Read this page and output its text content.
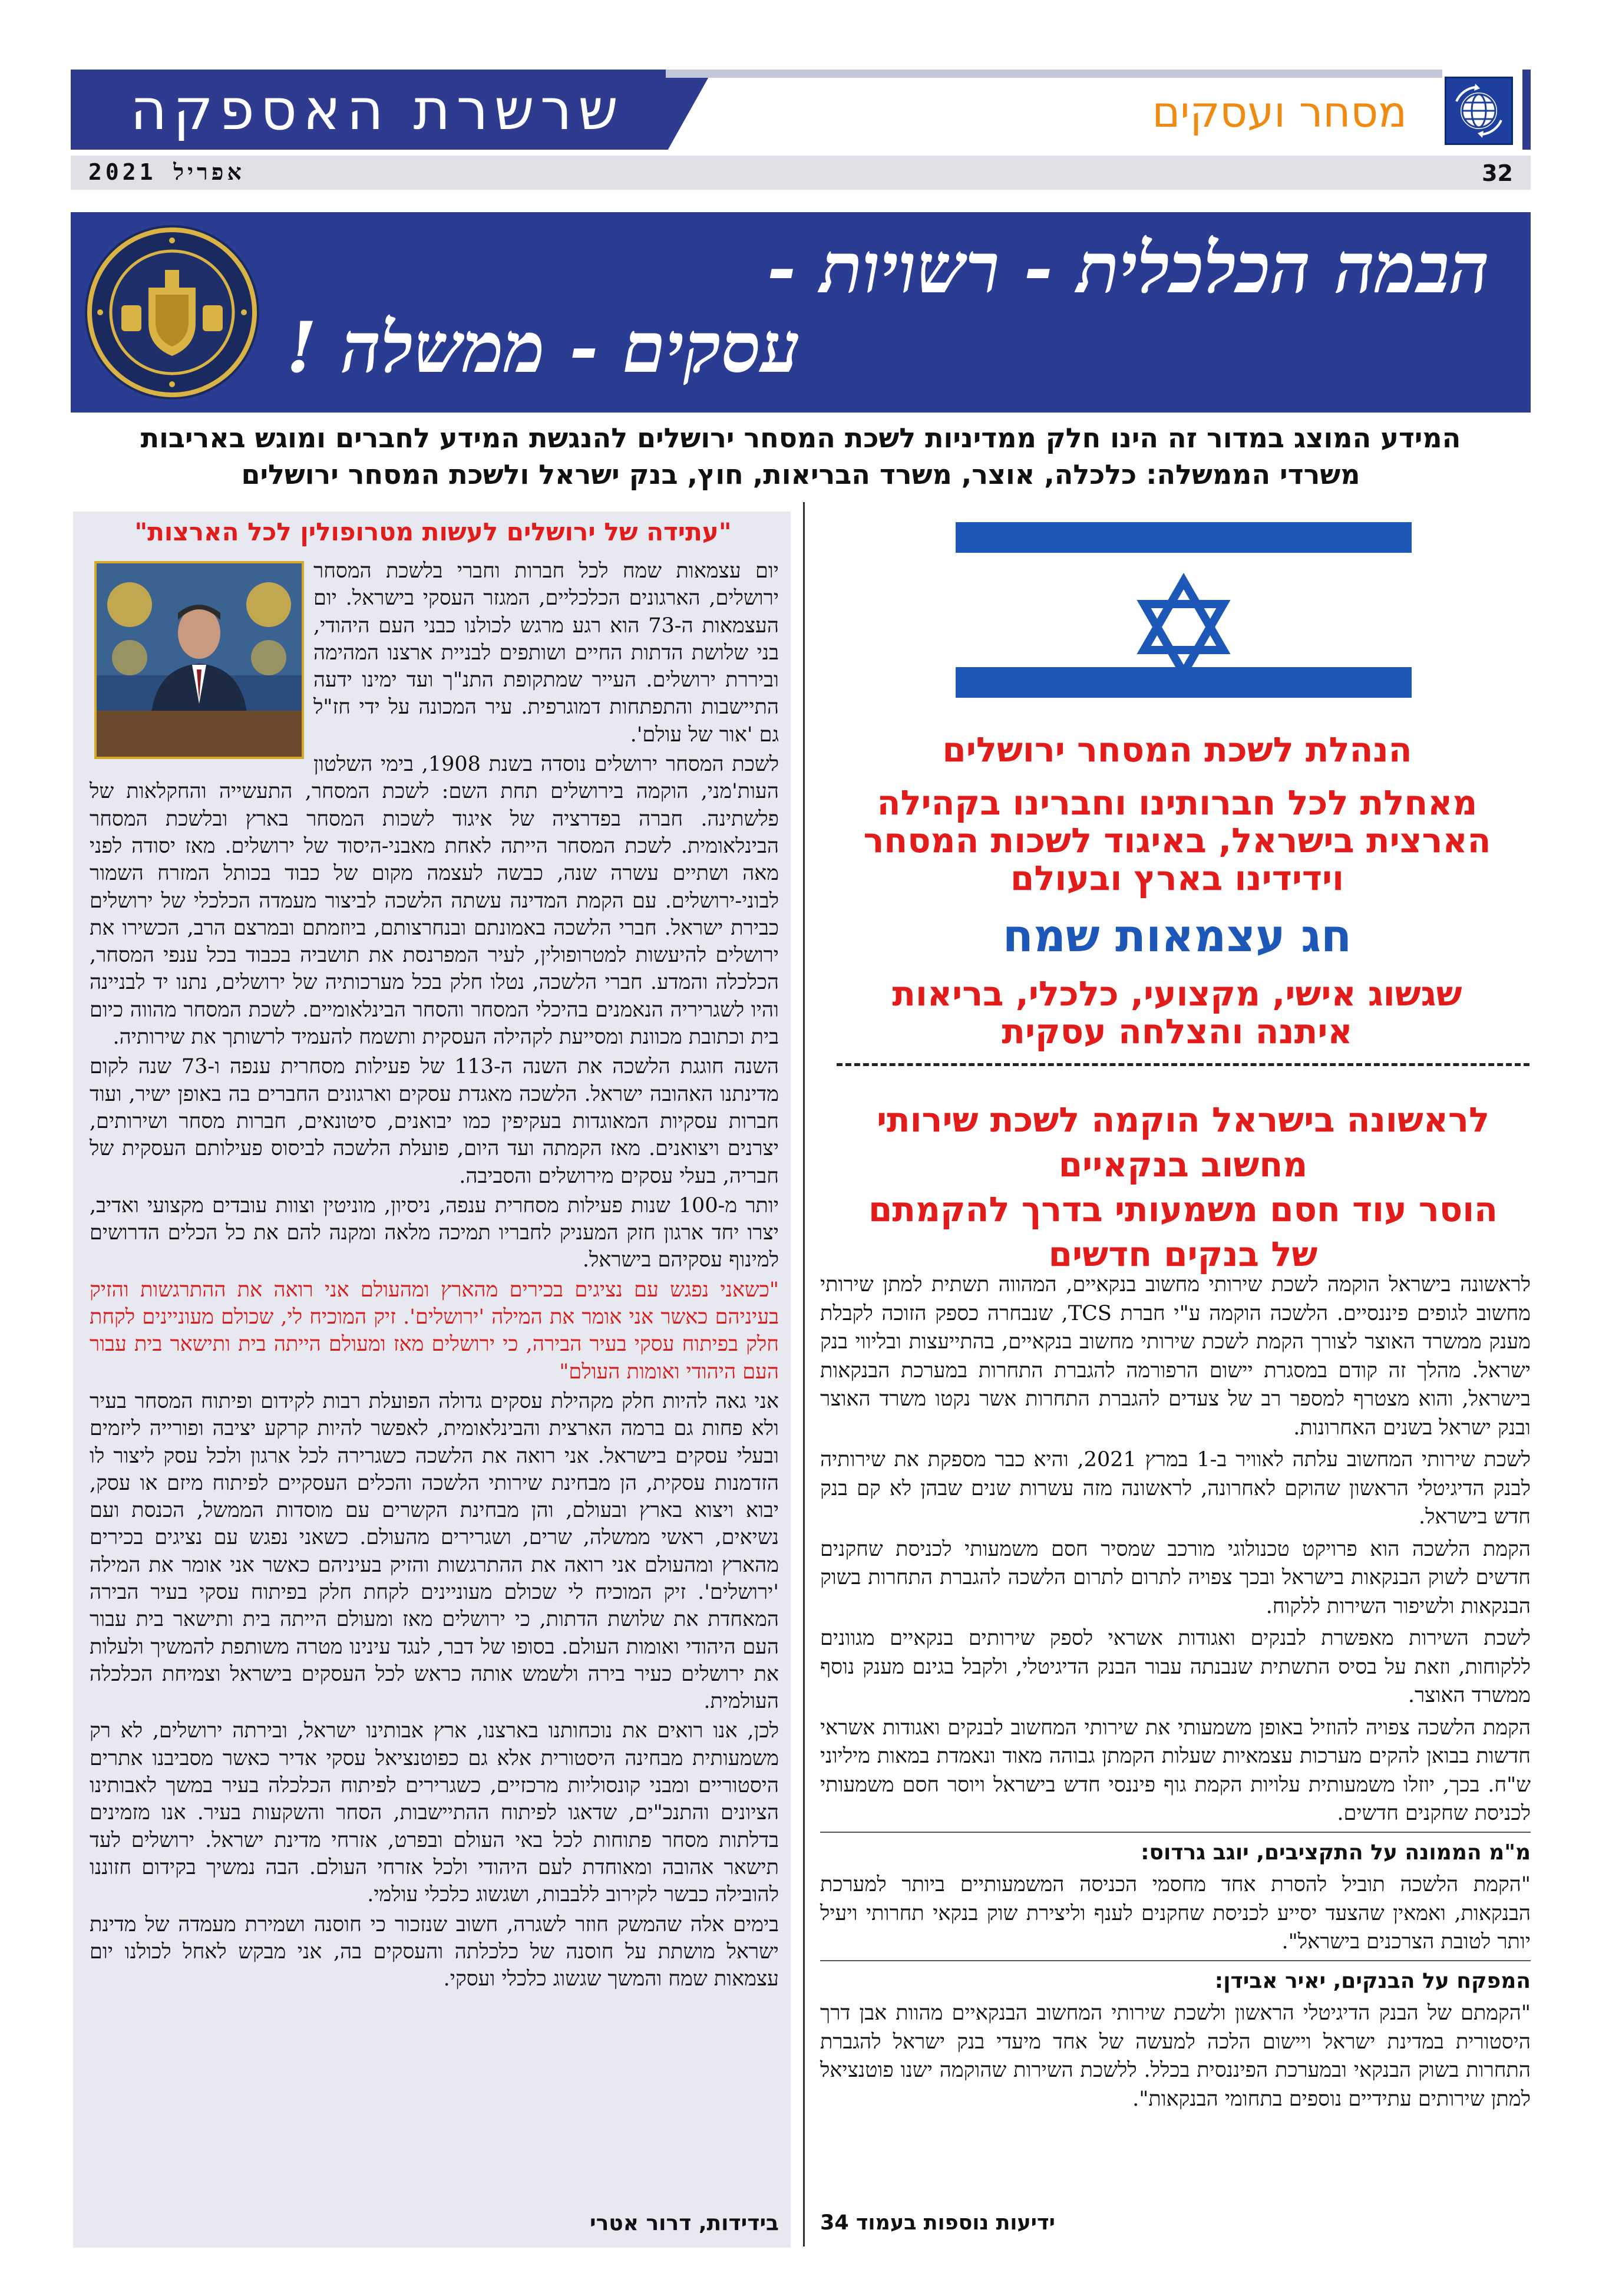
שרשרת האספקה	מסחר ועסקים
אפריל 2021	32
הבמה הכלכלית - רשויות -
עסקים - ממשלה !
המידע המוצג במדור זה הינו חלק ממדיניות לשכת המסחר ירושלים להנגשת המידע לחברים ומוגש באריבות
משרדי הממשלה: כלכלה, אוצר, משרד הבריאות, חוץ, בנק ישראל ולשכת המסחר ירושלים
הנהלת לשכת המסחר ירושלים
מאחלת לכל חברותינו וחברינו בקהילה
הארצית בישראל, באיגוד לשכות המסחר
וידידינו בארץ ובעולם
חג עצמאות שמח
שגשוג אישי, מקצועי, כלכלי, בריאות
איתנה והצלחה עסקית
לראשונה בישראל הוקמה לשכת שירותי
מחשוב בנקאיים
הוסר עוד חסם משמעותי בדרך להקמתם
של בנקים חדשים

לראשונה בישראל הוקמה לשכת שירותי מחשוב בנקאיים, המהווה תשתית למתן שירותי מחשוב לגופים פיננסיים. הלשכה הוקמה ע"י חברת TCS, שנבחרה כספק הזוכה לקבלת מענק ממשרד האוצר לצורך הקמת לשכת שירותי מחשוב בנקאיים, בהתייעצות ובליווי בנק ישראל. מהלך זה קודם במסגרת יישום הרפורמה להגברת התחרות במערכת הבנקאות בישראל, והוא מצטרף למספר רב של צעדים להגברת התחרות אשר נקטו משרד האוצר ובנק ישראל בשנים האחרונות.

לשכת שירותי המחשוב עלתה לאוויר ב-1 במרץ 2021, והיא כבר מספקת את שירותיה לבנק הדיגיטלי הראשון שהוקם לאחרונה, לראשונה מזה עשרות שנים שבהן לא קם בנק חדש בישראל.

הקמת הלשכה הוא פרויקט טכנולוגי מורכב שמסיר חסם משמעותי לכניסת שחקנים חדשים לשוק הבנקאות בישראל ובכך צפויה לתרום לתרום הלשכה להגברת התחרות בשוק הבנקאות ולשיפור השירות ללקוח.

לשכת השירות מאפשרת לבנקים ואגודות אשראי לספק שירותים בנקאיים מגוונים ללקוחות, וזאת על בסיס התשתית שנבנתה עבור הבנק הדיגיטלי, ולקבל בגינם מענק נוסף ממשרד האוצר.

הקמת הלשכה צפויה להוזיל באופן משמעותי את שירותי המחשוב לבנקים ואגודות אשראי חדשות בבואן להקים מערכות עצמאיות שעלות הקמתן גבוהה מאוד ונאמדת במאות מיליוני ש"ח. בכך, יוזלו משמעותית עלויות הקמת גוף פיננסי חדש בישראל ויוסר חסם משמעותי לכניסת שחקנים חדשים.

מ"מ הממונה על התקציבים, יוגב גרדוס:

"הקמת הלשכה תוביל להסרת אחד מחסמי הכניסה המשמעותיים ביותר למערכת הבנקאות, ואמאין שהצעד יסייע לכניסת שחקנים לענף וליצירת שוק בנקאי תחרותי ויעיל יותר לטובת הצרכנים בישראל".

המפקח על הבנקים, יאיר אבידן:

"הקמתם של הבנק הדיגיטלי הראשון ולשכת שירותי המחשוב הבנקאיים מהוות אבן דרך היסטורית במדינת ישראל ויישום הלכה למעשה של אחד מיעדי בנק ישראל להגברת התחרות בשוק הבנקאי ובמערכת הפיננסית בכלל. ללשכת השירות שהוקמה ישנו פוטנציאל למתן שירותים עתידיים נוספים בתחומי הבנקאות".

ידיעות נוספות בעמוד 34
"עתידה של ירושלים לעשות מטרופולין לכל הארצות"

יום עצמאות שמח לכל חברות וחברי בלשכת המסחר ירושלים, הארגונים הכלכליים, המגזר העסקי בישראל. יום העצמאות ה-73 הוא רגע מרגש לכולנו כבני העם היהודי, בני שלושת הדתות החיים ושותפים לבניית ארצנו המהימה וביררת ירושלים. העייר שמתקופת התנ"ך ועד ימינו ידעה התיישבות והתפתחות דמוגרפית. עיר המכונה על ידי חז"ל גם 'אור של עולם'.

לשכת המסחר ירושלים נוסדה בשנת 1908, בימי השלטון העות'מני, הוקמה בירושלים תחת השם: לשכת המסחר, התעשייה והחקלאות של פלשתינה. חברה בפדרציה של איגוד לשכות המסחר בארץ ובלשכת המסחר הבינלאומית. לשכת המסחר הייתה לאחת מאבני-היסוד של ירושלים. מאז יסודה לפני מאה ושתיים עשרה שנה, כבשה לעצמה מקום של כבוד בכותל המזרח השמור לבוני-ירושלים. עם הקמת המדינה עשתה הלשכה לביצור מעמדה הכלכלי של ירושלים כבירת ישראל. חברי הלשכה באמונתם ובנחרצותם, ביוזמתם ובמרצם הרב, הכשירו את ירושלים להיעשות למטרופולין, לעיר המפרנסת את תושביה בכבוד בכל ענפי המסחר, הכלכלה והמדע. חברי הלשכה, נטלו חלק בכל מערכותיה של ירושלים, נתנו יד לבניינה והיו לשגריריה הנאמנים בהיכלי המסחר והסחר הבינלאומיים. לשכת המסחר מהווה כיום בית וכתובת מכוונת ומסייעת לקהילה העסקית ותשמח להעמיד לרשותך את שירותיה.

השנה חוגגת הלשכה את השנה ה-113 של פעילות מסחרית ענפה ו-73 שנה לקום מדינתנו האהובה ישראל. הלשכה מאגדת עסקים וארגונים החברים בה באופן ישיר, ועוד חברות עסקיות המאוגדות בעקיפין כמו יבואנים, סיטונאים, חברות מסחר ושירותים, יצרנים ויצואנים. מאז הקמתה ועד היום, פועלת הלשכה לביסוס פעילותם העסקית של חבריה, בעלי עסקים מירושלים והסביבה.

יותר מ-100 שנות פעילות מסחרית ענפה, ניסיון, מוניטין וצוות עובדים מקצועי ואדיב, יצרו יחד ארגון חזק המעניק לחבריו תמיכה מלאה ומקנה להם את כל הכלים הדרושים למינוף עסקיהם בישראל.

"כשאני נפגש עם נציגים בכירים מהארץ ומהעולם אני רואה את ההתרגשות והזיק בעיניהם כאשר אני אומר את המילה 'ירושלים'. זיק המוכיח לי, שכולם מעוניינים לקחת חלק בפיתוח עסקי בעיר הבירה, כי ירושלים מאז ומעולם הייתה בית ותישאר בית עבור העם היהודי ואומות העולם"

אני גאה להיות חלק מקהילת עסקים גדולה הפועלת רבות לקידום ופיתוח המסחר בעיר ולא פחות גם ברמה הארצית והבינלאומית, לאפשר להיות קרקע יציבה ופורייה ליזמים ובעלי עסקים בישראל. אני רואה את הלשכה כשגרירה לכל ארגון ולכל עסק ליצור לו הזדמנות עסקית, הן מבחינת שירותי הלשכה והכלים העסקיים לפיתוח מיזם או עסק, יבוא ויצוא בארץ ובעולם, והן מבחינת הקשרים עם מוסדות הממשל, הכנסת ועם נשיאים, ראשי ממשלה, שרים, ושגרירים מהעולם. כשאני נפגש עם נציגים בכירים מהארץ ומהעולם אני רואה את ההתרגשות והזיק בעיניהם כאשר אני אומר את המילה 'ירושלים'. זיק המוכיח לי שכולם מעוניינים לקחת חלק בפיתוח עסקי בעיר הבירה המאחדת את שלושת הדתות, כי ירושלים מאז ומעולם הייתה בית ותישאר בית עבור העם היהודי ואומות העולם. בסופו של דבר, לנגד עינינו מטרה משותפת להמשיך ולעלות את ירושלים כעיר בירה ולשמש אותה כראש לכל העסקים בישראל וצמיחת הכלכלה העולמית.

לכן, אנו רואים את נוכחותנו בארצנו, ארץ אבותינו ישראל, ובירתה ירושלים, לא רק משמעותית מבחינה היסטורית אלא גם כפוטנציאל עסקי אדיר כאשר מסביבנו אתרים היסטוריים ומבני קונסוליות מרכזיים, כשגרירים לפיתוח הכלכלה בעיר במשך לאבותינו הציונים והתנכ"ים, שדאגו לפיתוח ההתיישבות, הסחר והשקעות בעיר. אנו מזמינים בדלתות מסחר פתוחות לכל באי העולם ובפרט, אזרחי מדינת ישראל. ירושלים לעד תישאר אהובה ומאוחדת לעם היהודי ולכל אזרחי העולם. הבה נמשיך בקידום חזוננו להובילה כבשר לקירוב ללבבות, ושגשוג כלכלי עולמי.

בימים אלה שהמשק חוזר לשגרה, חשוב שנזכור כי חוסנה ושמירת מעמדה של מדינת ישראל מושתת על חוסנה של כלכלתה והעסקים בה, אני מבקש לאחל לכולנו יום עצמאות שמח והמשך שגשוג כלכלי ועסקי.

בידידות, דרור אטרי
